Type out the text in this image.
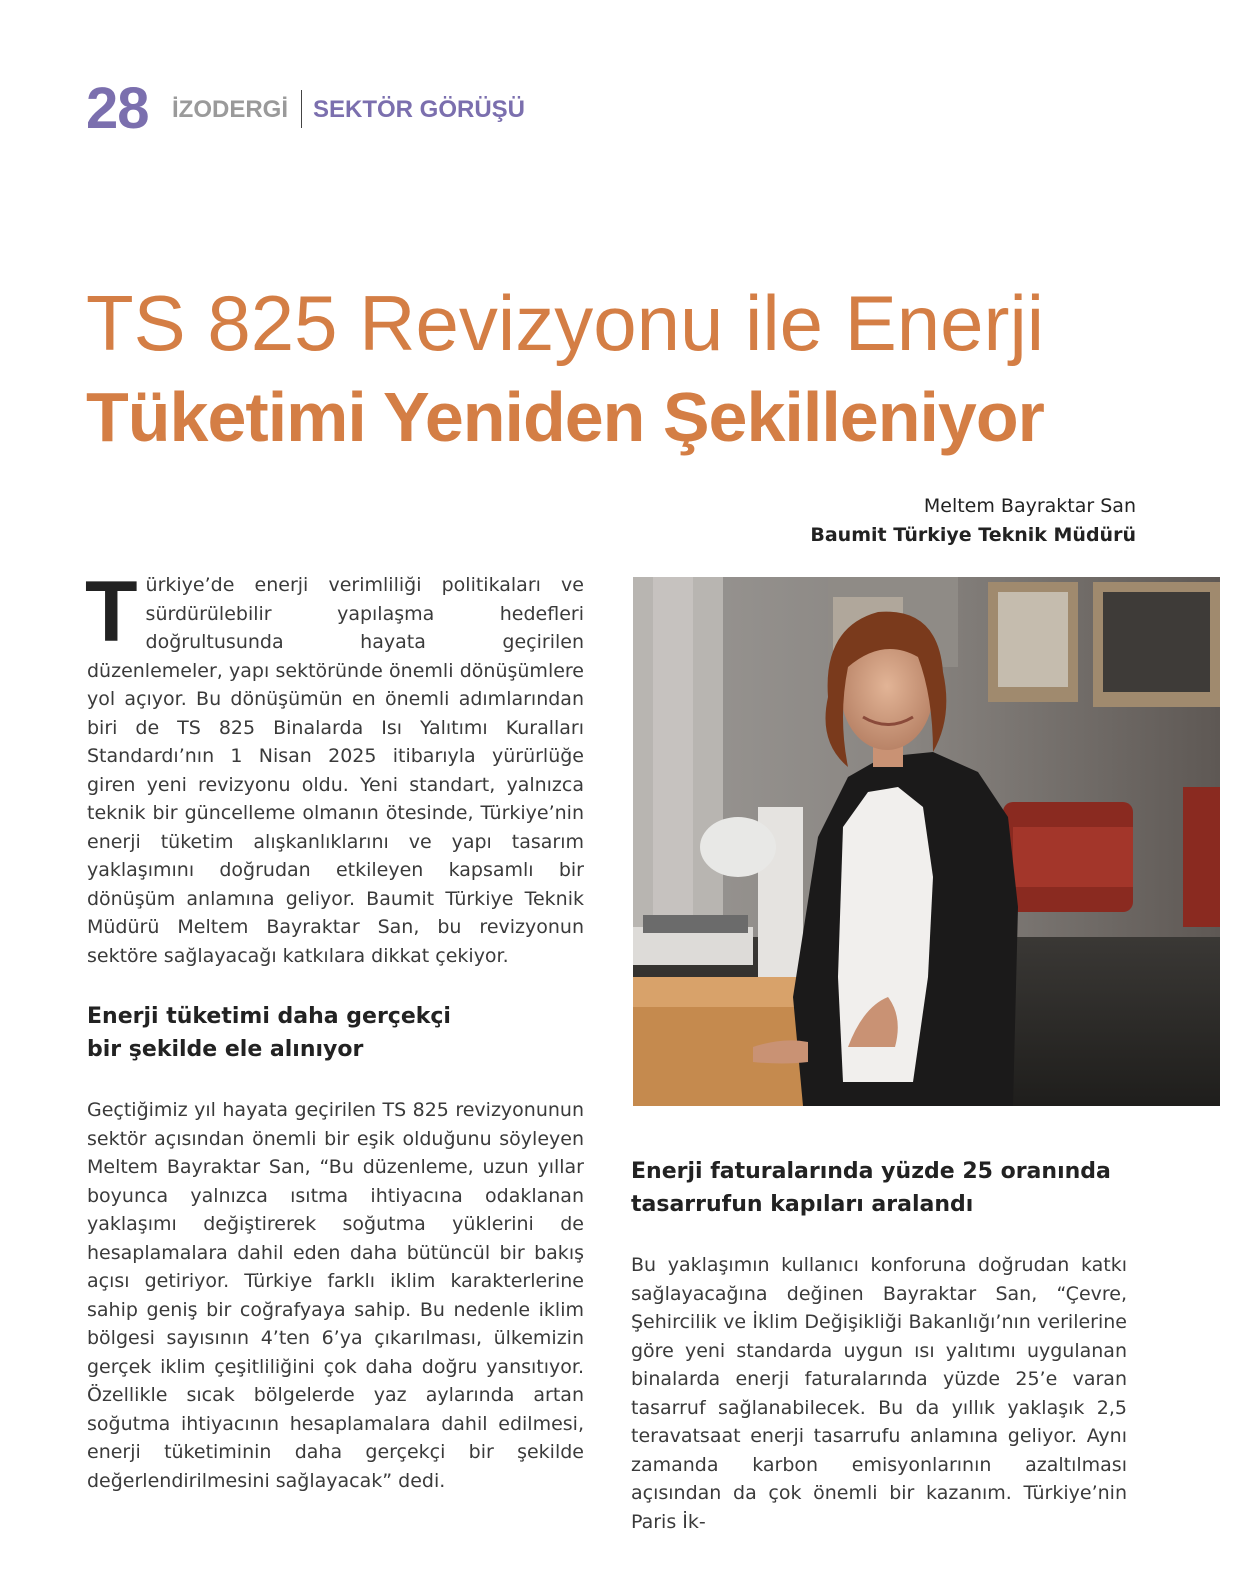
28 İZODERGİ SEKTÖR GÖRÜŞÜ
TS 825 Revizyonu ile Enerji
Tüketimi Yeniden Şekilleniyor
Meltem Bayraktar San
Baumit Türkiye Teknik Müdürü

Türkiye’de enerji verimliliği politikaları ve sürdürülebilir yapılaşma hedefleri doğrultusunda hayata geçirilen düzenlemeler, yapı sektöründe önemli dönüşümlere yol açıyor. Bu dönüşümün en önemli adımlarından biri de TS 825 Binalarda Isı Yalıtımı Kuralları Standardı’nın 1 Nisan 2025 itibarıyla yürürlüğe giren yeni revizyonu oldu. Yeni standart, yalnızca teknik bir güncelleme olmanın ötesinde, Türkiye’nin enerji tüketim alışkanlıklarını ve yapı tasarım yaklaşımını doğrudan etkileyen kapsamlı bir dönüşüm anlamına geliyor. Baumit Türkiye Teknik Müdürü Meltem Bayraktar San, bu revizyonun sektöre sağlayacağı katkılara dikkat çekiyor.

Enerji tüketimi daha gerçekçi
bir şekilde ele alınıyor

Geçtiğimiz yıl hayata geçirilen TS 825 revizyonunun sektör açısından önemli bir eşik olduğunu söyleyen Meltem Bayraktar San, “Bu düzenleme, uzun yıllar boyunca yalnızca ısıtma ihtiyacına odaklanan yaklaşımı değiştirerek soğutma yüklerini de hesaplamalara dahil eden daha bütüncül bir bakış açısı getiriyor. Türkiye farklı iklim karakterlerine sahip geniş bir coğrafyaya sahip. Bu nedenle iklim bölgesi sayısının 4’ten 6’ya çıkarılması, ülkemizin gerçek iklim çeşitliliğini çok daha doğru yansıtıyor. Özellikle sıcak bölgelerde yaz aylarında artan soğutma ihtiyacının hesaplamalara dahil edilmesi, enerji tüketiminin daha gerçekçi bir şekilde değerlendirilmesini sağlayacak” dedi.

Enerji faturalarında yüzde 25 oranında
tasarrufun kapıları aralandı

Bu yaklaşımın kullanıcı konforuna doğrudan katkı sağlayacağına değinen Bayraktar San, “Çevre, Şehircilik ve İklim Değişikliği Bakanlığı’nın verilerine göre yeni standarda uygun ısı yalıtımı uygulanan binalarda enerji faturalarında yüzde 25’e varan tasarruf sağlanabilecek. Bu da yıllık yaklaşık 2,5 teravatsaat enerji tasarrufu anlamına geliyor. Aynı zamanda karbon emisyonlarının azaltılması açısından da çok önemli bir kazanım. Türkiye’nin Paris İk-
